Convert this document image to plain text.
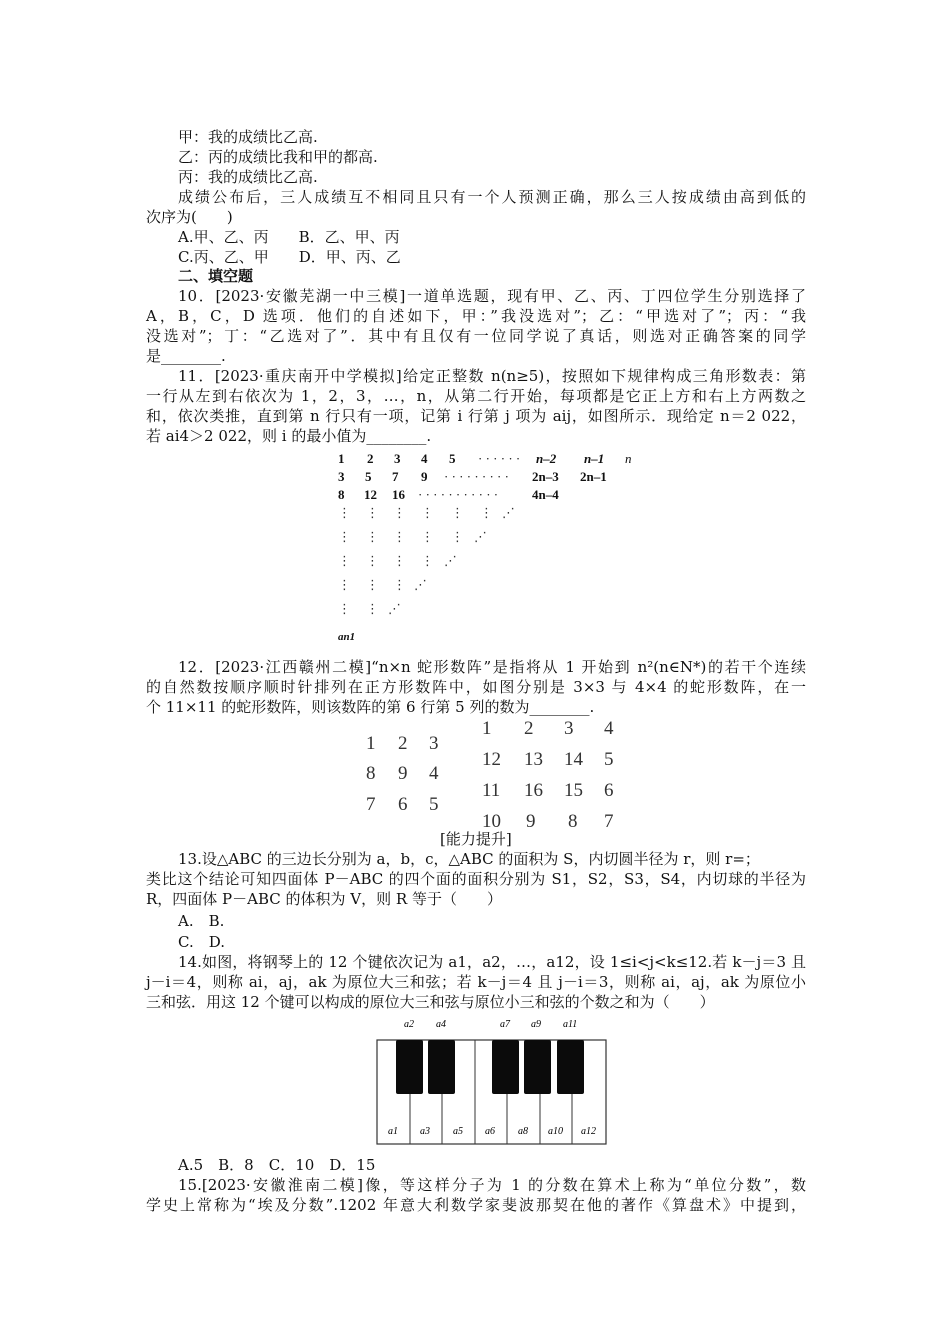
甲：我的成绩比乙高.
乙：丙的成绩比我和甲的都高.
丙：我的成绩比乙高.
成绩公布后，三人成绩互不相同且只有一个人预测正确，那么三人按成绩由高到低的
次序为(　　)
A.甲、乙、丙　　B．乙、甲、丙
C.丙、乙、甲　　D．甲、丙、乙
二、填空题
10．[2023·安徽芜湖一中三模]一道单选题，现有甲、乙、丙、丁四位学生分别选择了
A，B，C，D 选项．他们的自述如下，甲：”我没选对”；乙：“甲选对了”；丙：“我
没选对”；丁：“乙选对了”．其中有且仅有一位同学说了真话，则选对正确答案的同学
是________.
11．[2023·重庆南开中学模拟]给定正整数 n(n≥5)，按照如下规律构成三角形数表：第
一行从左到右依次为 1，2，3，…，n，从第二行开始，每项都是它正上方和右上方两数之
和，依次类推，直到第 n 行只有一项，记第 i 行第 j 项为 aij，如图所示．现给定 n＝2 022，
若 ai4＞2 022，则 i 的最小值为________.
1 2 3 4 5 · · · · · · n–2 n–1 n
3 5 7 9 · · · · · · · · · 2n–3 2n–1
8 12 16 · · · · · · · · · · ·	4n–4
an1
⋮ ⋮ ⋮ ⋮ ⋮ ⋮ ⋰
⋮ ⋮ ⋮ ⋮ ⋮ ⋰
⋮ ⋮ ⋮ ⋮ ⋰
⋮ ⋮ ⋮ ⋰
⋮ ⋮ ⋰
12．[2023·江西赣州二模]“n×n 蛇形数阵”是指将从 1 开始到 n²(n∈N*)的若干个连续
的自然数按顺序顺时针排列在正方形数阵中，如图分别是 3×3 与 4×4 的蛇形数阵，在一
个 11×11 的蛇形数阵，则该数阵的第 6 行第 5 列的数为________.
1 2 3
8 9 4
7 6 5
1 2 3 4
12 13 14 5
11 16 15 6
10 9 8 7
[能力提升]
13.设△ABC 的三边长分别为 a，b，c，△ABC 的面积为 S，内切圆半径为 r，则 r=；
类比这个结论可知四面体 P－ABC 的四个面的面积分别为 S1，S2，S3，S4，内切球的半径为
R，四面体 P－ABC 的体积为 V，则 R 等于（　　）
A.　B.
C.　D.
14.如图，将钢琴上的 12 个键依次记为 a1，a2，…，a12，设 1≤i<j<k≤12.若 k－j＝3 且
j－i＝4，则称 ai，aj，ak 为原位大三和弦；若 k－j＝4 且 j－i＝3，则称 ai，aj，ak 为原位小
三和弦．用这 12 个键可以构成的原位大三和弦与原位小三和弦的个数之和为（　　）
a2 a4	a7 a9 a11
a1 a3 a5 a6 a8 a10 a12
A.5　B．8　C．10　D．15
15.[2023·安徽淮南二模]像，等这样分子为 1 的分数在算术上称为“单位分数”，数
学史上常称为“埃及分数”.1202 年意大利数学家斐波那契在他的著作《算盘术》中提到，
